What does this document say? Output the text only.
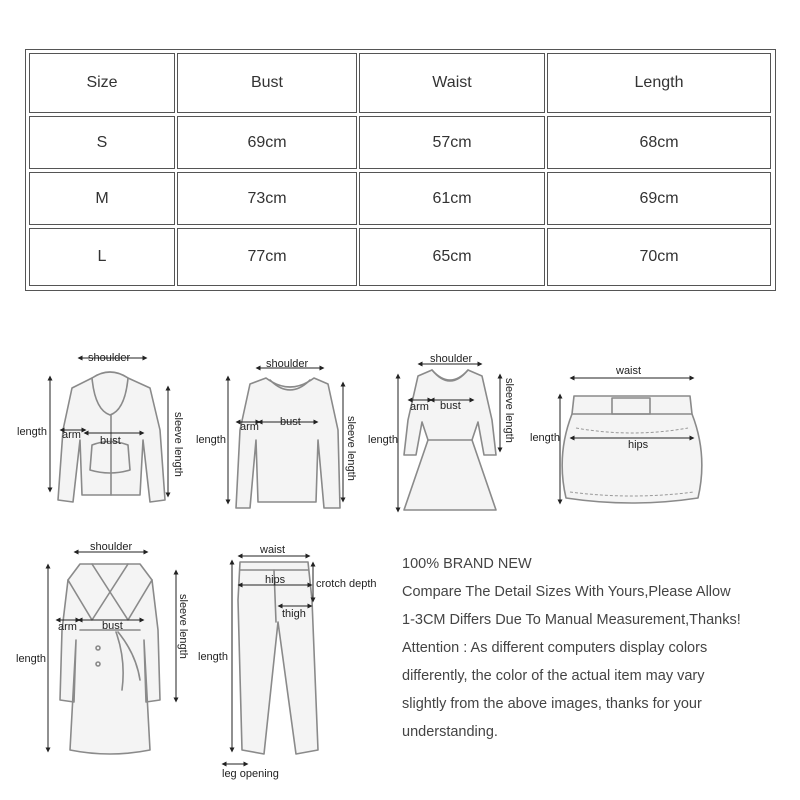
Size	Bust	Waist	Length
S	69cm	57cm	68cm
M	73cm	61cm	69cm
L	77cm	65cm	70cm
shoulder
length arm bust	sleeve length
shoulder
length
arm bust	sleeve length
shoulder
length
arm bust	sleeve length
waist
length
hips
shoulder
length
arm bust	sleeve length
waist
hips	crotch depth
thigh
length
leg opening
100% BRAND NEW
Compare The Detail Sizes With Yours,Please Allow
1-3CM Differs Due To Manual Measurement,Thanks!
Attention : As different computers display colors
differently, the color of the actual item may vary
slightly from the above images, thanks for your
understanding.
